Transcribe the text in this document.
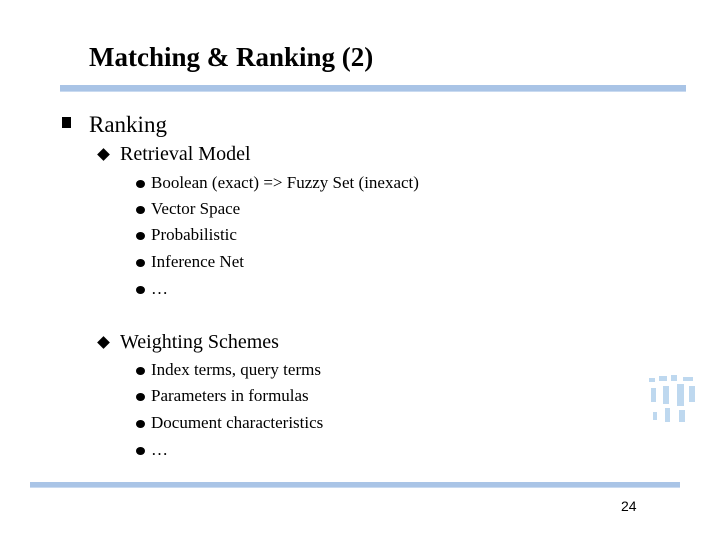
Matching & Ranking (2)
Ranking
Retrieval Model
Boolean (exact) => Fuzzy Set (inexact)
Vector Space
Probabilistic
Inference Net
…
Weighting Schemes
Index terms, query terms
Parameters in formulas
Document characteristics
…
24
